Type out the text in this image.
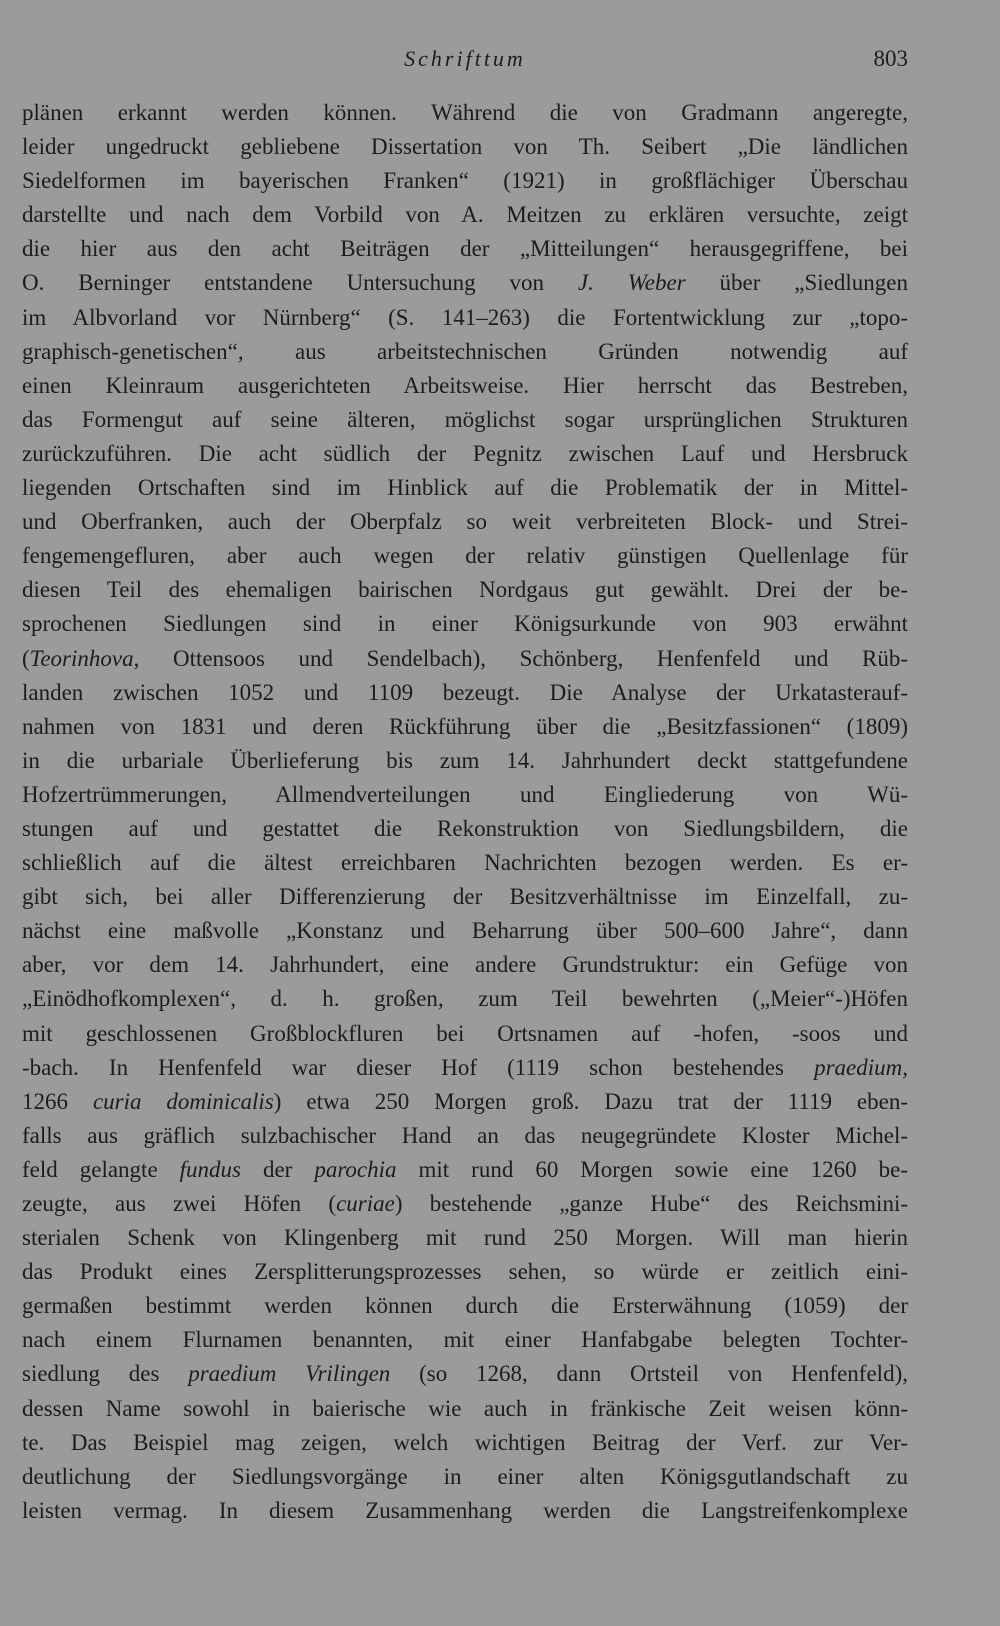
Schrifttum	803
plänen erkannt werden können. Während die von Gradmann angeregte,
leider ungedruckt gebliebene Dissertation von Th. Seibert „Die ländlichen
Siedelformen im bayerischen Franken“ (1921) in großflächiger Überschau
darstellte und nach dem Vorbild von A. Meitzen zu erklären versuchte, zeigt
die hier aus den acht Beiträgen der „Mitteilungen“ herausgegriffene, bei
O. Berninger entstandene Untersuchung von J. Weber über „Siedlungen
im Albvorland vor Nürnberg“ (S. 141–263) die Fortentwicklung zur „topo-
graphisch-genetischen“, aus arbeitstechnischen Gründen notwendig auf
einen Kleinraum ausgerichteten Arbeitsweise. Hier herrscht das Bestreben,
das Formengut auf seine älteren, möglichst sogar ursprünglichen Strukturen
zurückzuführen. Die acht südlich der Pegnitz zwischen Lauf und Hersbruck
liegenden Ortschaften sind im Hinblick auf die Problematik der in Mittel-
und Oberfranken, auch der Oberpfalz so weit verbreiteten Block- und Strei-
fengemengefluren, aber auch wegen der relativ günstigen Quellenlage für
diesen Teil des ehemaligen bairischen Nordgaus gut gewählt. Drei der be-
sprochenen Siedlungen sind in einer Königsurkunde von 903 erwähnt
(Teorinhova, Ottensoos und Sendelbach), Schönberg, Henfenfeld und Rüb-
landen zwischen 1052 und 1109 bezeugt. Die Analyse der Urkatasterauf-
nahmen von 1831 und deren Rückführung über die „Besitzfassionen“ (1809)
in die urbariale Überlieferung bis zum 14. Jahrhundert deckt stattgefundene
Hofzertrümmerungen, Allmendverteilungen und Eingliederung von Wü-
stungen auf und gestattet die Rekonstruktion von Siedlungsbildern, die
schließlich auf die ältest erreichbaren Nachrichten bezogen werden. Es er-
gibt sich, bei aller Differenzierung der Besitzverhältnisse im Einzelfall, zu-
nächst eine maßvolle „Konstanz und Beharrung über 500–600 Jahre“, dann
aber, vor dem 14. Jahrhundert, eine andere Grundstruktur: ein Gefüge von
„Einödhofkomplexen“, d. h. großen, zum Teil bewehrten („Meier“-)Höfen
mit geschlossenen Großblockfluren bei Ortsnamen auf -hofen, -soos und
-bach. In Henfenfeld war dieser Hof (1119 schon bestehendes praedium,
1266 curia dominicalis) etwa 250 Morgen groß. Dazu trat der 1119 eben-
falls aus gräflich sulzbachischer Hand an das neugegründete Kloster Michel-
feld gelangte fundus der parochia mit rund 60 Morgen sowie eine 1260 be-
zeugte, aus zwei Höfen (curiae) bestehende „ganze Hube“ des Reichsmini-
sterialen Schenk von Klingenberg mit rund 250 Morgen. Will man hierin
das Produkt eines Zersplitterungsprozesses sehen, so würde er zeitlich eini-
germaßen bestimmt werden können durch die Ersterwähnung (1059) der
nach einem Flurnamen benannten, mit einer Hanfabgabe belegten Tochter-
siedlung des praedium Vrilingen (so 1268, dann Ortsteil von Henfenfeld),
dessen Name sowohl in baierische wie auch in fränkische Zeit weisen könn-
te. Das Beispiel mag zeigen, welch wichtigen Beitrag der Verf. zur Ver-
deutlichung der Siedlungsvorgänge in einer alten Königsgutlandschaft zu
leisten vermag. In diesem Zusammenhang werden die Langstreifenkomplexe
